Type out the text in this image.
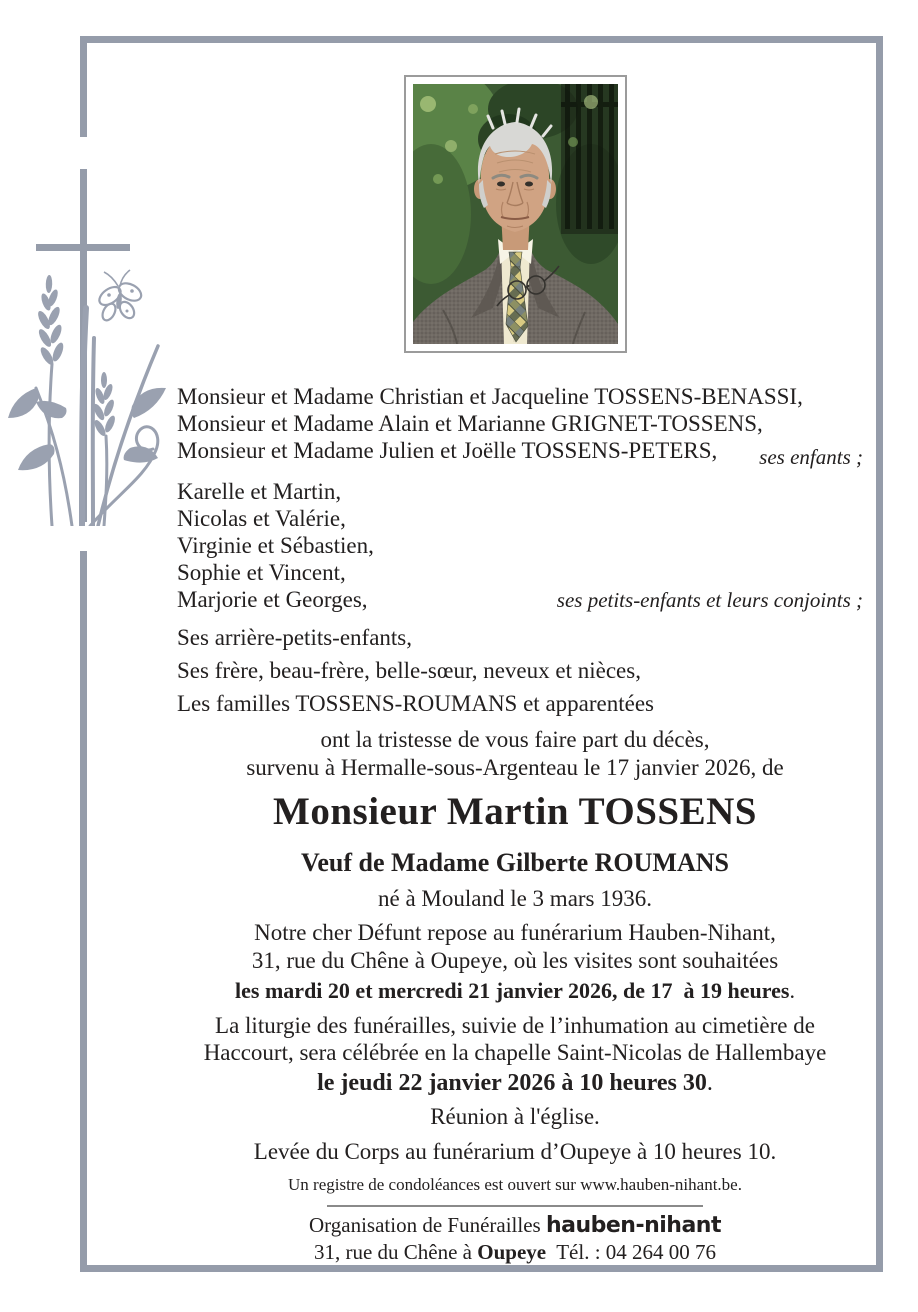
Monsieur et Madame Christian et Jacqueline TOSSENS-BENASSI,
Monsieur et Madame Alain et Marianne GRIGNET-TOSSENS,
Monsieur et Madame Julien et Joëlle TOSSENS-PETERS,	ses enfants ;
Karelle et Martin,
Nicolas et Valérie,
Virginie et Sébastien,
Sophie et Vincent,
Marjorie et Georges,	ses petits-enfants et leurs conjoints ;
Ses arrière-petits-enfants,
Ses frère, beau-frère, belle-sœur, neveux et nièces,
Les familles TOSSENS-ROUMANS et apparentées
ont la tristesse de vous faire part du décès,
survenu à Hermalle-sous-Argenteau le 17 janvier 2026, de
Monsieur Martin TOSSENS
Veuf de Madame Gilberte ROUMANS
né à Mouland le 3 mars 1936.
Notre cher Défunt repose au funérarium Hauben-Nihant,
31, rue du Chêne à Oupeye, où les visites sont souhaitées
les mardi 20 et mercredi 21 janvier 2026, de 17  à 19 heures.
La liturgie des funérailles, suivie de l’inhumation au cimetière de
Haccourt, sera célébrée en la chapelle Saint-Nicolas de Hallembaye
le jeudi 22 janvier 2026 à 10 heures 30.
Réunion à l'église.
Levée du Corps au funérarium d’Oupeye à 10 heures 10.
Un registre de condoléances est ouvert sur www.hauben-nihant.be.
Organisation de Funérailles hauben-nihant
31, rue du Chêne à Oupeye  Tél. : 04 264 00 76
